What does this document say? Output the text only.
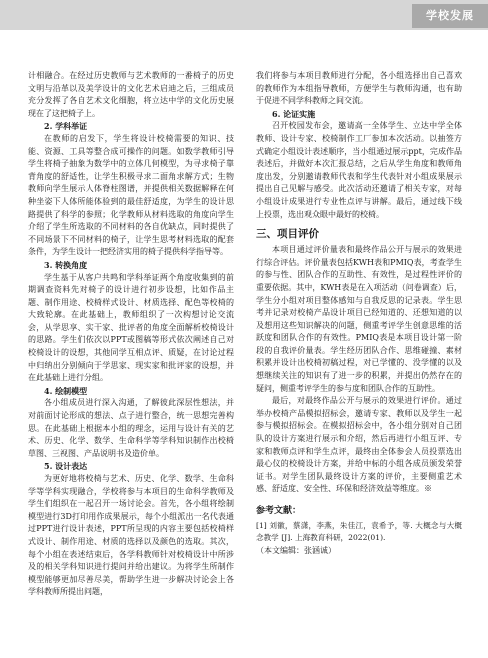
学校发展

计相融合。在经过历史教师与艺术教师的一番椅子的历史文明与沿革以及美学设计的文化艺术启迪之后，三组成员充分发挥了各自艺术文化细胞，将立达中学的文化历史展现在了这把椅子上。

2. 学科举证

在教师的启发下，学生将设计校椅需要的知识、技能、资源、工具等整合成可操作的问题。如数学教师引导学生将椅子抽象为数学中的立体几何模型，为寻求椅子靠背角度的舒适性，让学生积极寻求二面角求解方式；生物教师向学生展示人体脊柱图谱，并提供相关数据解释在何种坐姿下人体所能体验到的最佳舒适度，为学生的设计思路提供了科学的参照；化学教师从材料选取的角度向学生介绍了学生所选取的不同材料的各自优缺点，同时提供了不同场景下不同材料的椅子，让学生思考材料选取的配套条件，为学生设计一把经济实用的椅子提供科学指导等。

3. 转换角度

学生基于从客户共鸣和学科举证两个角度收集到的前期调查资料先对椅子的设计进行初步设想，比如作品主题、制作用途、校椅样式设计、材质选择、配色等校椅的大致轮廓。在此基础上，教师组织了一次构想讨论交流会，从学思享、实干家、批评者的角度全面解析校椅设计的思路。学生们依次以PPT或图稿等形式依次阐述自己对校椅设计的设想，其他同学互相点评、质疑，在讨论过程中归纳出分别倾向于学思家、现实家和批评家的设想，并在此基础上进行分组。

4. 绘制模型

各小组成员进行深入沟通，了解彼此深层性想法，并对前面讨论形成的想法、点子进行整合，统一思想完善构思。在此基础上根据本小组的理念，运用与设计有关的艺术、历史、化学、数学、生命科学等学科知识制作出校椅草图、三视图、产品说明书及造价单。

5. 设计表达

为更好地将校椅与艺术、历史、化学、数学、生命科学等学科实现融合，学校将参与本项目的生命科学教师及学生们组织在一起召开一场讨论会。首先，各小组将绘制模型进行3D打印用作成果展示，每个小组派出一名代表通过PPT进行设计表述，PPT所呈现的内容主要包括校椅样式设计、制作用途、材质的选择以及颜色的选取。其次，每个小组在表述结束后，各学科教师针对校椅设计中所涉及的相关学科知识进行提问并给出建议。为将学生所制作模型能够更加尽善尽美，帮助学生进一步解决讨论会上各学科教师所提出问题，

我们将参与本项目教师进行分配，各小组选择出自己喜欢的教师作为本组指导教师，方便学生与教师沟通，也有助于促进不同学科教师之间交流。

6. 论证实施

召开校园发布会，邀请高一全体学生、立达中学全体教师、设计专家、校椅制作工厂参加本次活动。以抽签方式确定小组设计表述顺序，当小组通过展示ppt，完成作品表述后，并做好本次汇报总结，之后从学生角度和教师角度出发，分别邀请教师代表和学生代表针对小组成果展示提出自己见解与感受。此次活动还邀请了相关专家，对每小组设计成果进行专业性点评与讲解。最后，通过线下线上投票，选出观众眼中最好的校椅。

三、项目评价

本项目通过评价量表和最终作品公开与展示的效果进行综合评估。评价量表包括KWH表和PMIQ表，考查学生的参与性、团队合作的互助性、有效性，是过程性评价的重要依据。其中，KWH表是在入项活动（问卷调查）后，学生分小组对项目整体感知与自我反思的记录表。学生思考并记录对校椅产品设计项目已经知道的、还想知道的以及想用这些知识解决的问题，侧重考评学生创意思维的活跃度和团队合作的有效性。PMIQ表是本项目设计第一阶段的自我评价量表。学生经历团队合作、思维碰撞、素材积累并设计出校椅初稿过程，对已学懂的、没学懂的以及想继续关注的知识有了进一步的积累，并提出仍然存在的疑问，侧重考评学生的参与度和团队合作的互助性。

最后，对最终作品公开与展示的效果进行评价。通过举办校椅产品模拟招标会，邀请专家、教师以及学生一起参与模拟招标会。在模拟招标会中，各小组分别对自己团队的设计方案进行展示和介绍，然后再进行小组互评、专家和教师点评和学生点评，最终由全体参会人员投票选出最心仪的校椅设计方案，并给中标的小组各成员颁发荣誉证书。对学生团队最终设计方案的评价，主要侧重艺术感、舒适度、安全性、环保和经济效益等维度。※

参考文献：

[1] 刘徽，蔡潇，李燕，朱佳江，袁希予，等. 大概念与大概念教学 [J]. 上海教育科研，2022(01).

（本文编辑：张涵诚）
